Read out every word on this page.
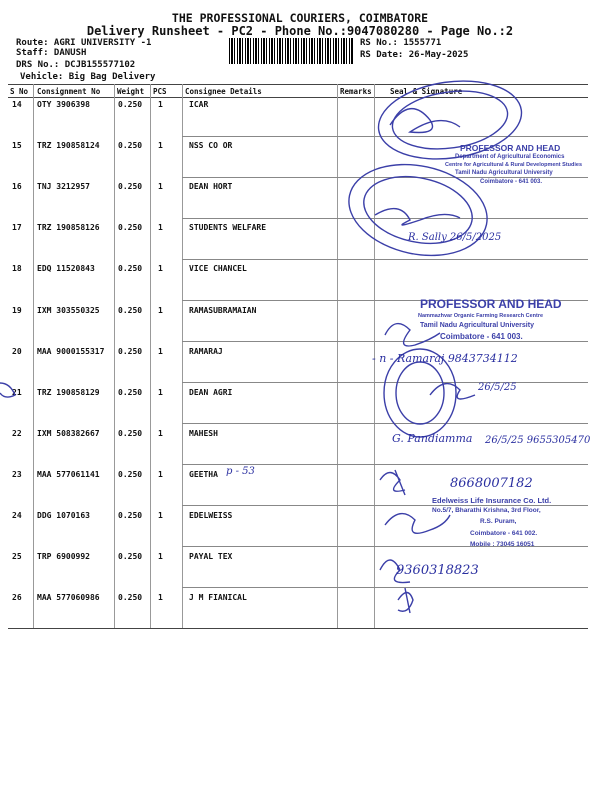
THE PROFESSIONAL COURIERS, COIMBATORE
Delivery Runsheet - PC2 - Phone No.:9047080280 - Page No.:2
Route: AGRI UNIVERSITY -1
Staff: DANUSH
DRS No.: DCJB155577102
Vehicle: Big Bag Delivery
RS No.: 1555771
RS Date: 26-May-2025
S No Consignment No Weight PCS Consignee Details	Remarks Seal & Signature
14 OTY 3906398	0.250 1	ICAR
15 TRZ 190858124 0.250 1	NSS CO OR
16 TNJ 3212957	0.250 1	DEAN HORT
17 TRZ 190858126 0.250 1	STUDENTS WELFARE
18 EDQ 11520843	0.250 1	VICE CHANCEL
19 IXM 303550325 0.250 1	RAMASUBRAMAIAN
20 MAA 9000155317 0.250 1	RAMARAJ
21 TRZ 190858129 0.250 1	DEAN AGRI
22 IXM 508382667 0.250 1	MAHESH
23 MAA 577061141 0.250 1	GEETHA
24 DDG 1070163	0.250 1	EDELWEISS
25 TRP 6900992	0.250 1	PAYAL TEX
26 MAA 577060986 0.250 1	J M FIANICAL
PROFESSOR AND HEAD
Department of Agricultural Economics
Centre for Agricultural & Rural Development Studies
Tamil Nadu Agricultural University
Coimbatore - 641 003.
PROFESSOR AND HEAD
Nammazhvar Organic Farming Research Centre
Tamil Nadu Agricultural University
Coimbatore - 641 003.
Edelweiss Life Insurance Co. Ltd.
No.5/7, Bharathi Krishna, 3rd Floor,
R.S. Puram,
Coimbatore - 641 002.
Mobile : 73045 16051
R. Sally 26/5/2025
- n - Ramaraj 9843734112
26/5/25
G. Pandiamma 26/5/25 9655305470
p - 53
8668007182
9360318823
